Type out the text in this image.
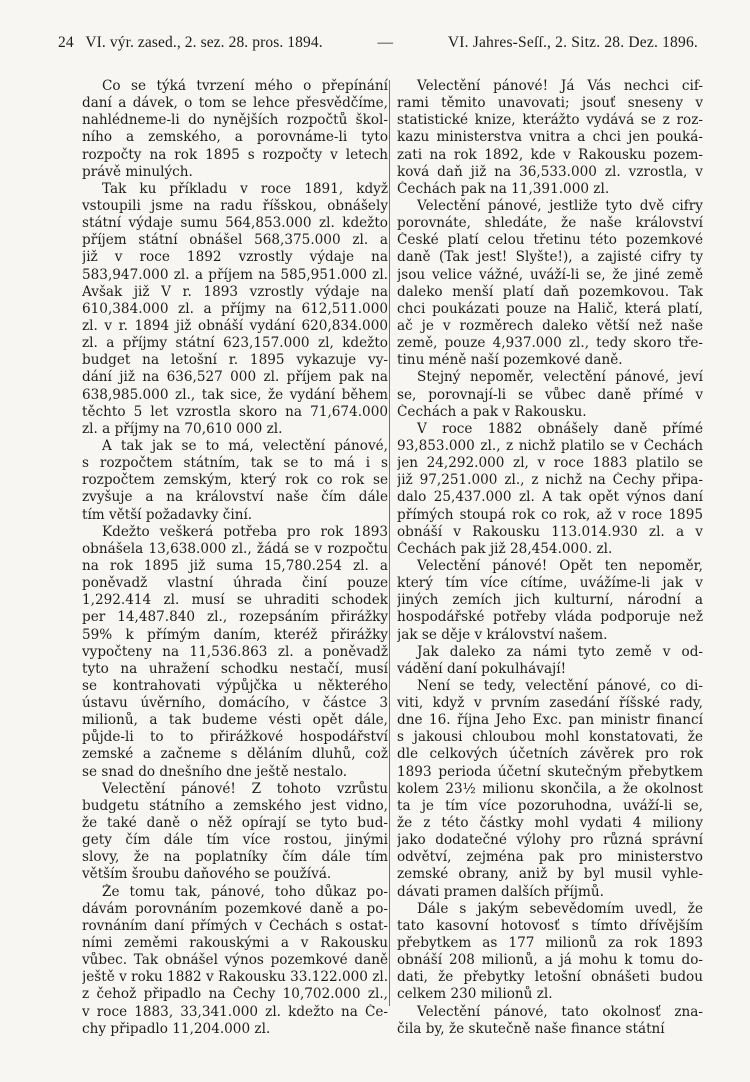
24 VI. výr. zased., 2. sez. 28. pros. 1894.	—	VI. Jahres-Seſſ., 2. Sitz. 28. Dez. 1896.
Co se týká tvrzení mého o přepínání
daní a dávek, o tom se lehce přesvědčíme,
nahlédneme-li do nynějších rozpočtů škol-
ního a zemského, a porovnáme-li tyto
rozpočty na rok 1895 s rozpočty v letech
právě minulých.
Tak ku příkladu v roce 1891, když
vstoupili jsme na radu říšskou, obnášely
státní výdaje sumu 564,853.000 zl. kdežto
příjem státní obnášel 568,375.000 zl. a
již v roce 1892 vzrostly výdaje na
583,947.000 zl. a příjem na 585,951.000 zl.
Avšak již V r. 1893 vzrostly výdaje na
610,384.000 zl. a příjmy na 612,511.000
zl. v r. 1894 již obnáší vydání 620,834.000
zl. a příjmy státní 623,157.000 zl, kdežto
budget na letošní r. 1895 vykazuje vy-
dání již na 636,527 000 zl. příjem pak na
638,985.000 zl., tak sice, že vydání během
těchto 5 let vzrostla skoro na 71,674.000
zl. a příjmy na 70,610 000 zl.
A tak jak se to má, velectění pánové,
s rozpočtem státním, tak se to má i s
rozpočtem zemským, který rok co rok se
zvyšuje a na království naše čím dále
tím větší požadavky činí.
Kdežto veškerá potřeba pro rok 1893
obnášela 13,638.000 zl., žádá se v rozpočtu
na rok 1895 již suma 15,780.254 zl. a
poněvadž vlastní úhrada činí pouze
1,292.414 zl. musí se uhraditi schodek
per 14,487.840 zl., rozepsáním přirážky
59% k přímým daním, kteréž přirážky
vypočteny na 11,536.863 zl. a poněvadž
tyto na uhražení schodku nestačí, musí
se kontrahovati výpůjčka u některého
ústavu úvěrního, domácího, v částce 3
milionů, a tak budeme vésti opět dále,
půjde-li to to přirážkové hospodářství
zemské a začneme s děláním dluhů, což
se snad do dnešního dne ještě nestalo.
Velectění pánové! Z tohoto vzrůstu
budgetu státního a zemského jest vidno,
že také daně o něž opírají se tyto bud-
gety čím dále tím více rostou, jinými
slovy, že na poplatníky čím dále tím
větším šroubu daňového se používá.
Že tomu tak, pánové, toho důkaz po-
dávám porovnáním pozemkové daně a po-
rovnáním daní přímých v Čechách s ostat-
ními zeměmi rakouskými a v Rakousku
vůbec. Tak obnášel výnos pozemkové daně
ještě v roku 1882 v Rakousku 33.122.000 zl.
z čehož připadlo na Čechy 10,702.000 zl.,
v roce 1883, 33,341.000 zl. kdežto na Če-
chy připadlo 11,204.000 zl.
Velectění pánové! Já Vás nechci cif-
rami těmito unavovati; jsouť sneseny v
statistické knize, kterážto vydává se z roz-
kazu ministerstva vnitra a chci jen pouká-
zati na rok 1892, kde v Rakousku pozem-
ková daň již na 36,533.000 zl. vzrostla, v
Čechách pak na 11,391.000 zl.
Velectění pánové, jestliže tyto dvě cifry
porovnáte, shledáte, že naše království
České platí celou třetinu této pozemkové
daně (Tak jest! Slyšte!), a zajisté cifry ty
jsou velice vážné, uváží-li se, že jiné země
daleko menší platí daň pozemkovou. Tak
chci poukázati pouze na Halič, která platí,
ač je v rozměrech daleko větší než naše
země, pouze 4,937.000 zl., tedy skoro tře-
tinu méně naší pozemkové daně.
Stejný nepoměr, velectění pánové, jeví
se, porovnají-li se vůbec daně přímé v
Čechách a pak v Rakousku.
V roce 1882 obnášely daně přímé
93,853.000 zl., z nichž platilo se v Čechách
jen 24,292.000 zl, v roce 1883 platilo se
již 97,251.000 zl., z nichž na Čechy připa-
dalo 25,437.000 zl. A tak opět výnos daní
přímých stoupá rok co rok, až v roce 1895
obnáší v Rakousku 113.014.930 zl. a v
Čechách pak již 28,454.000. zl.
Velectění pánové! Opět ten nepoměr,
který tím více cítíme, uvážíme-li jak v
jiných zemích jich kulturní, národní a
hospodářské potřeby vláda podporuje než
jak se děje v království našem.
Jak daleko za námi tyto země v od-
vádění daní pokulhávají!
Není se tedy, velectění pánové, co di-
viti, když v prvním zasedání říšské rady,
dne 16. října Jeho Exc. pan ministr financí
s jakousi chloubou mohl konstatovati, že
dle celkových účetních závěrek pro rok
1893 perioda účetní skutečným přebytkem
kolem 23½ milionu skončila, a že okolnost
ta je tím více pozoruhodna, uváží-li se,
že z této částky mohl vydati 4 miliony
jako dodatečné výlohy pro různá správní
odvětví, zejména pak pro ministerstvo
zemské obrany, aniž by byl musil vyhle-
dávati pramen dalších příjmů.
Dále s jakým sebevědomím uvedl, že
tato kasovní hotovosť s tímto dřívějším
přebytkem as 177 milionů za rok 1893
obnáší 208 milionů, a já mohu k tomu do-
dati, že přebytky letošní obnášeti budou
celkem 230 milionů zl.
Velectění pánové, tato okolnosť zna-
čila by, že skutečně naše finance státní
